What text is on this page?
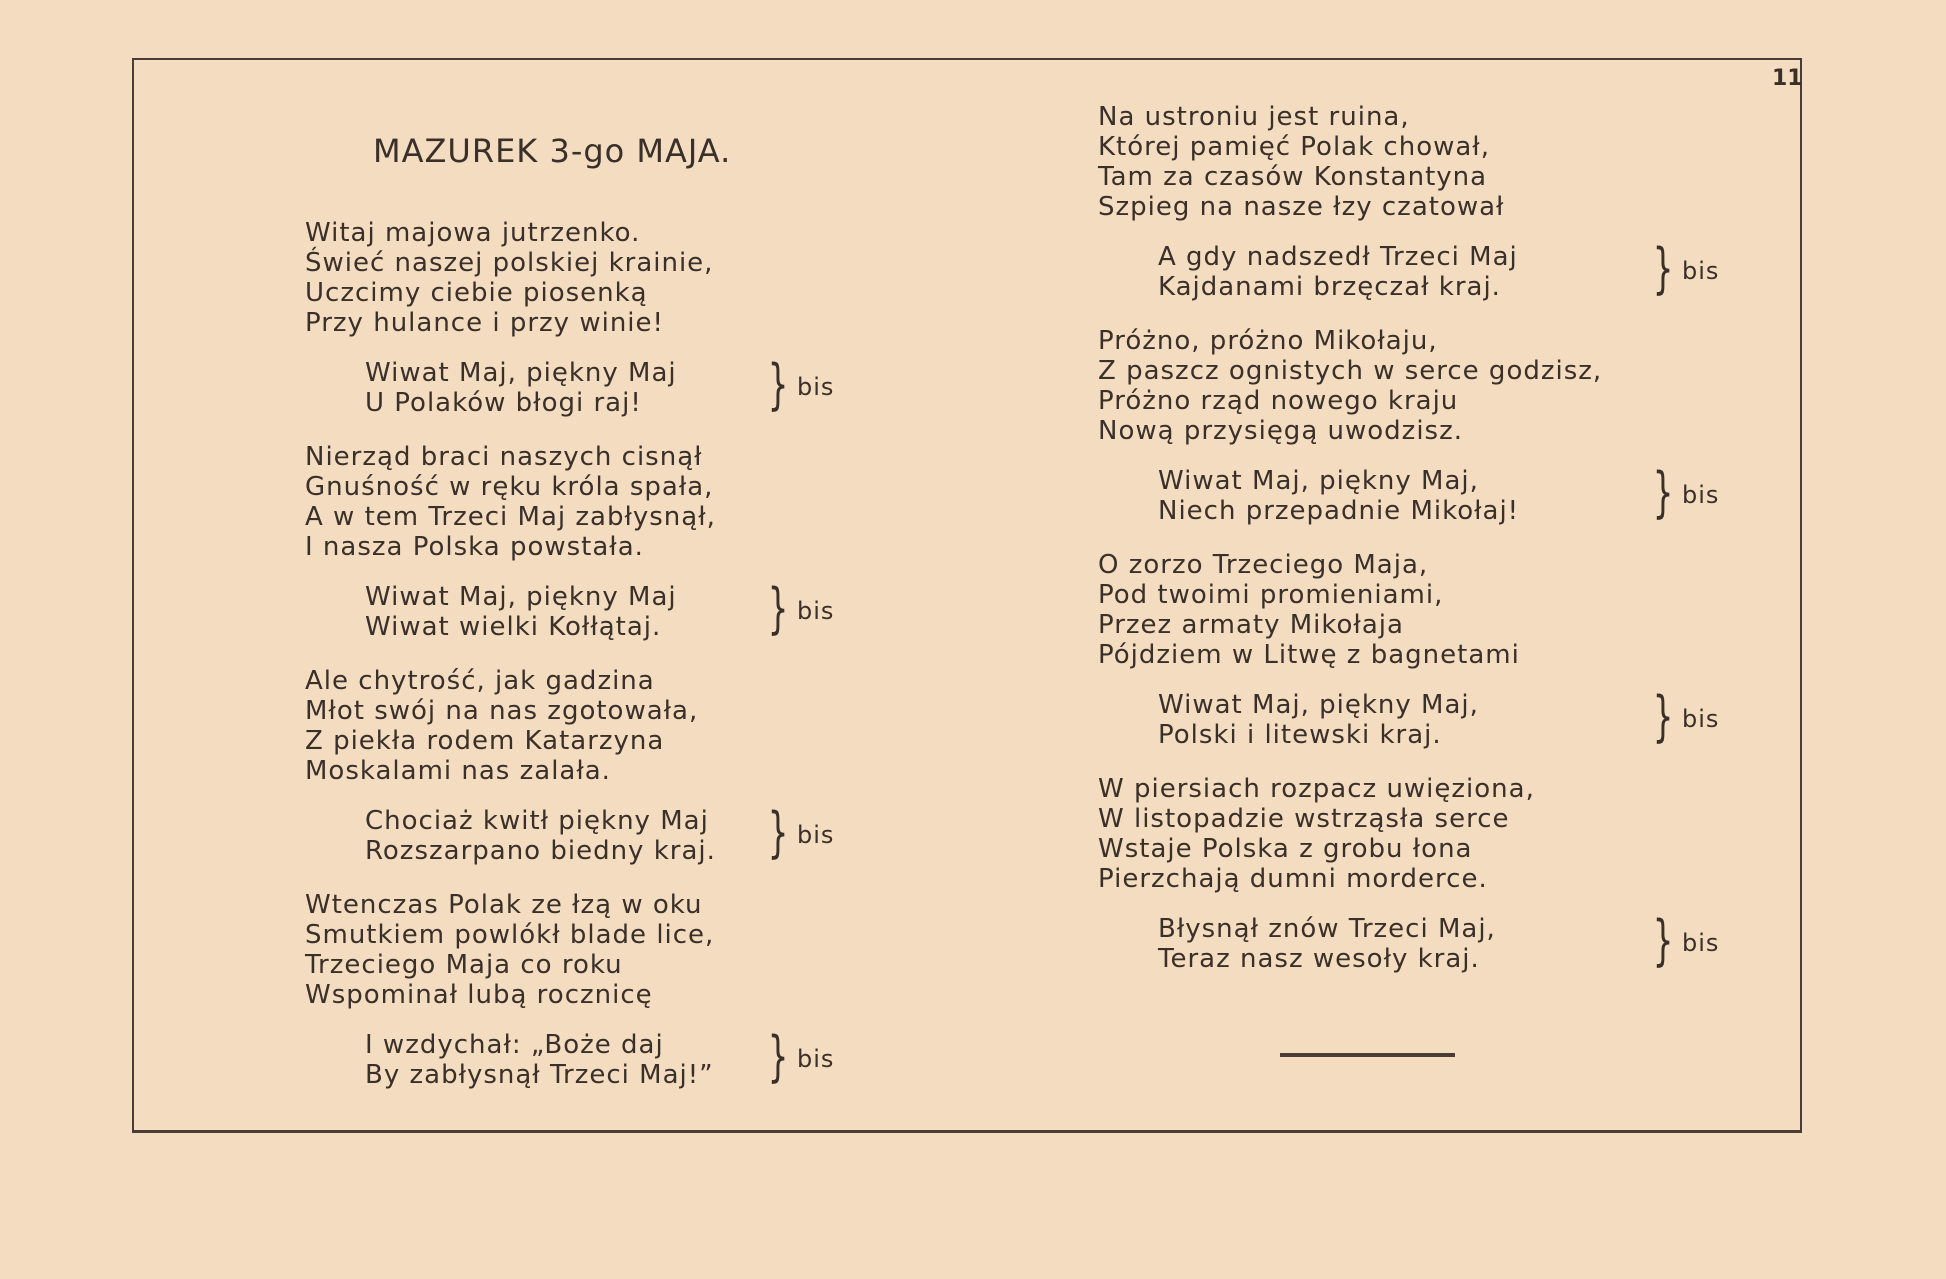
11
MAZUREK 3-go MAJA.
Witaj majowa jutrzenko.
Świeć naszej polskiej krainie,
Uczcimy ciebie piosenką
Przy hulance i przy winie!
Wiwat Maj, piękny Maj
U Polaków błogi raj!	} bis
Nierząd braci naszych cisnął
Gnuśność w ręku króla spała,
A w tem Trzeci Maj zabłysnął,
I nasza Polska powstała.
Wiwat Maj, piękny Maj
Wiwat wielki Kołłątaj.	} bis
Ale chytrość, jak gadzina
Młot swój na nas zgotowała,
Z piekła rodem Katarzyna
Moskalami nas zalała.
Chociaż kwitł piękny Maj
Rozszarpano biedny kraj. } bis
Wtenczas Polak ze łzą w oku
Smutkiem powlókł blade lice,
Trzeciego Maja co roku
Wspominał lubą rocznicę
I wzdychał: „Boże daj
By zabłysnął Trzeci Maj!”	} bis
Na ustroniu jest ruina,
Której pamięć Polak chował,
Tam za czasów Konstantyna
Szpieg na nasze łzy czatował
A gdy nadszedł Trzeci Maj
Kajdanami brzęczał kraj.	} bis
Próżno, próżno Mikołaju,
Z paszcz ognistych w serce godzisz,
Próżno rząd nowego kraju
Nową przysięgą uwodzisz.
Wiwat Maj, piękny Maj,
Niech przepadnie Mikołaj!	} bis
O zorzo Trzeciego Maja,
Pod twoimi promieniami,
Przez armaty Mikołaja
Pójdziem w Litwę z bagnetami
Wiwat Maj, piękny Maj,
Polski i litewski kraj.	} bis
W piersiach rozpacz uwięziona,
W listopadzie wstrząsła serce
Wstaje Polska z grobu łona
Pierzchają dumni morderce.
Błysnął znów Trzeci Maj,
Teraz nasz wesoły kraj.	} bis
